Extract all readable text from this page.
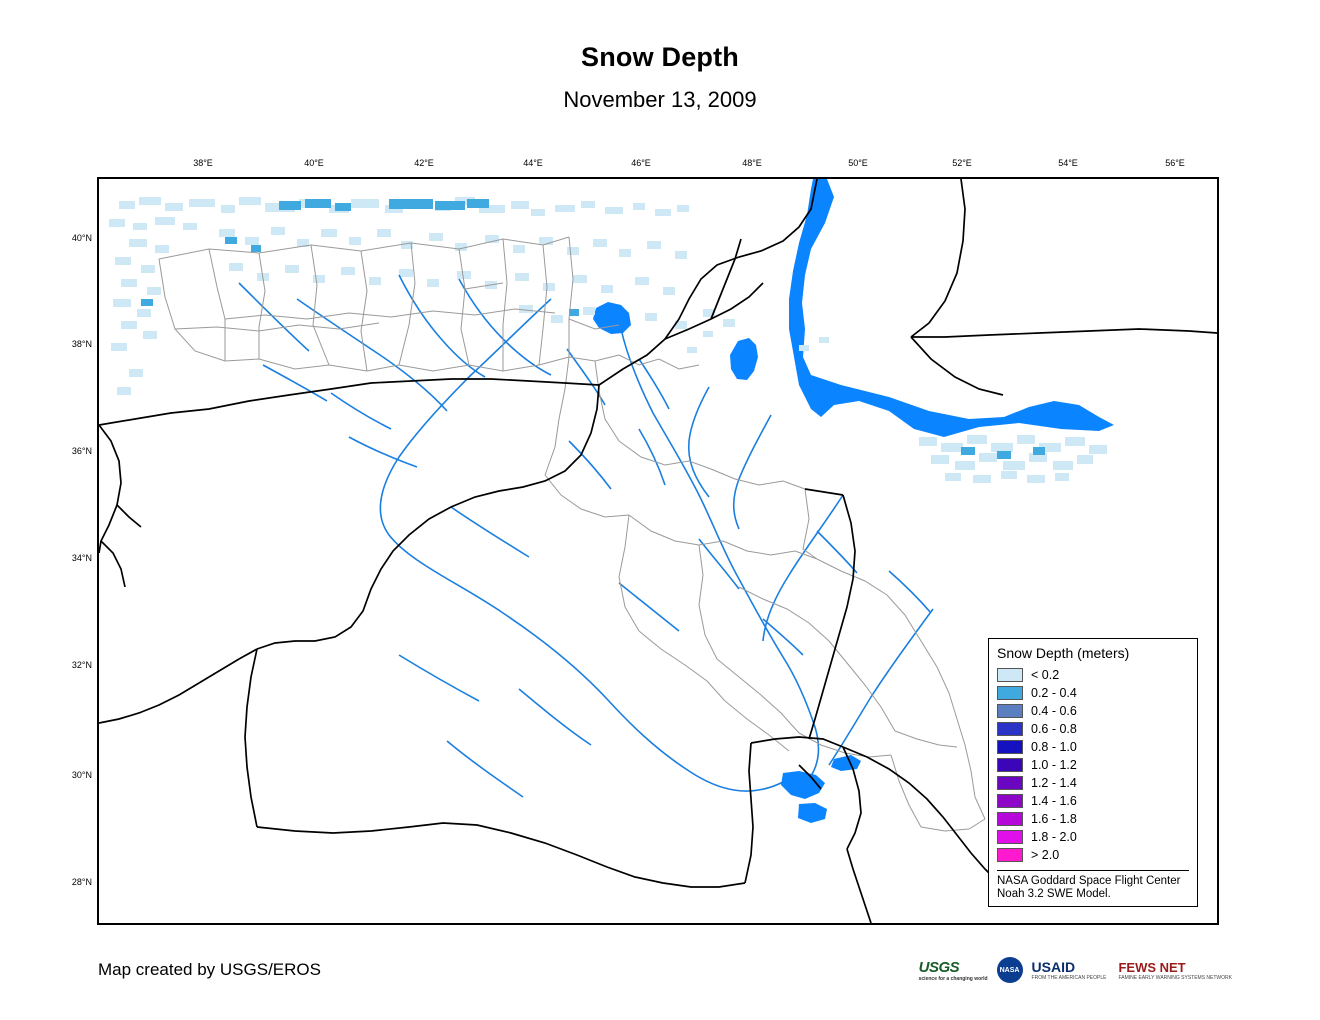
Snow Depth
November 13, 2009
38°E	40°E	42°E	44°E	46°E	48°E	50°E	52°E	54°E	56°E
40°N
38°N
36°N
34°N
32°N
30°N
28°N
Snow Depth (meters)
< 0.2
0.2 - 0.4
0.4 - 0.6
0.6 - 0.8
0.8 - 1.0
1.0 - 1.2
1.2 - 1.4
1.4 - 1.6
1.6 - 1.8
1.8 - 2.0
> 2.0
NASA Goddard Space Flight Center
Noah 3.2 SWE Model.
Map created by USGS/EROS	USGS
science for a changing world
NASA USAID
FROM THE AMERICAN PEOPLE
FEWS NET
FAMINE EARLY WARNING SYSTEMS NETWORK
